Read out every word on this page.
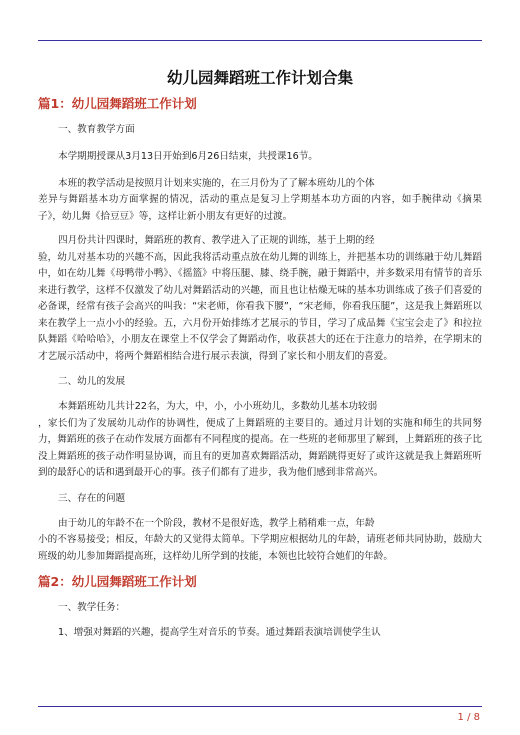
幼儿园舞蹈班工作计划合集
篇1：幼儿园舞蹈班工作计划
一、教育教学方面
本学期期授课从3月13日开始到6月26日结束，共授课16节。
本班的教学活动是按照月计划来实施的，在三月份为了了解本班幼儿的个体
差异与舞蹈基本功方面掌握的情况，活动的重点是复习上学期基本功方面的内容，如手腕律动《摘果子》，幼儿舞《拾豆豆》等，这样让新小朋友有更好的过渡。
四月份共计四课时，舞蹈班的教育、教学进入了正规的训练，基于上期的经
验，幼儿对基本功的兴趣不高，因此我将活动重点放在幼儿舞的训练上，并把基本功的训练融于幼儿舞蹈中，如在幼儿舞《母鸭带小鸭》、《摇篮》中将压腿、膝、绕手腕，融于舞蹈中，并多数采用有情节的音乐来进行教学，这样不仅激发了幼儿对舞蹈活动的兴趣，而且也让枯燥无味的基本功训练成了孩子们喜爱的必备课，经常有孩子会高兴的叫我：“宋老师，你看我下腰”，“宋老师，你看我压腿”，这是我上舞蹈班以来在教学上一点小小的经验。五，六月份开始排练才艺展示的节目，学习了成品舞《宝宝会走了》和拉拉队舞蹈《哈哈哈》，小朋友在课堂上不仅学会了舞蹈动作，收获甚大的还在于注意力的培养，在学期末的才艺展示活动中，将两个舞蹈相结合进行展示表演，得到了家长和小朋友们的喜爱。
二、幼儿的发展
本舞蹈班幼儿共计22名，为大，中，小，小小班幼儿，多数幼儿基本功较弱
，家长们为了发展幼儿动作的协调性，便成了上舞蹈班的主要目的。通过月计划的实施和师生的共同努力，舞蹈班的孩子在动作发展方面都有不同程度的提高。在一些班的老师那里了解到，上舞蹈班的孩子比没上舞蹈班的孩子动作明显协调，而且有的更加喜欢舞蹈活动，舞蹈跳得更好了或许这就是我上舞蹈班听到的最舒心的话和遇到最开心的事。孩子们都有了进步，我为他们感到非常高兴。
三、存在的问题
由于幼儿的年龄不在一个阶段，教材不是很好选，教学上稍稍难一点，年龄
小的不容易接受；相反，年龄大的又觉得太简单。下学期应根据幼儿的年龄，请班老师共同协助，鼓励大班级的幼儿参加舞蹈提高班，这样幼儿所学到的技能，本领也比较符合她们的年龄。
篇2：幼儿园舞蹈班工作计划
一、教学任务：
1、增强对舞蹈的兴趣，提高学生对音乐的节奏。通过舞蹈表演培训使学生认
1 / 8
